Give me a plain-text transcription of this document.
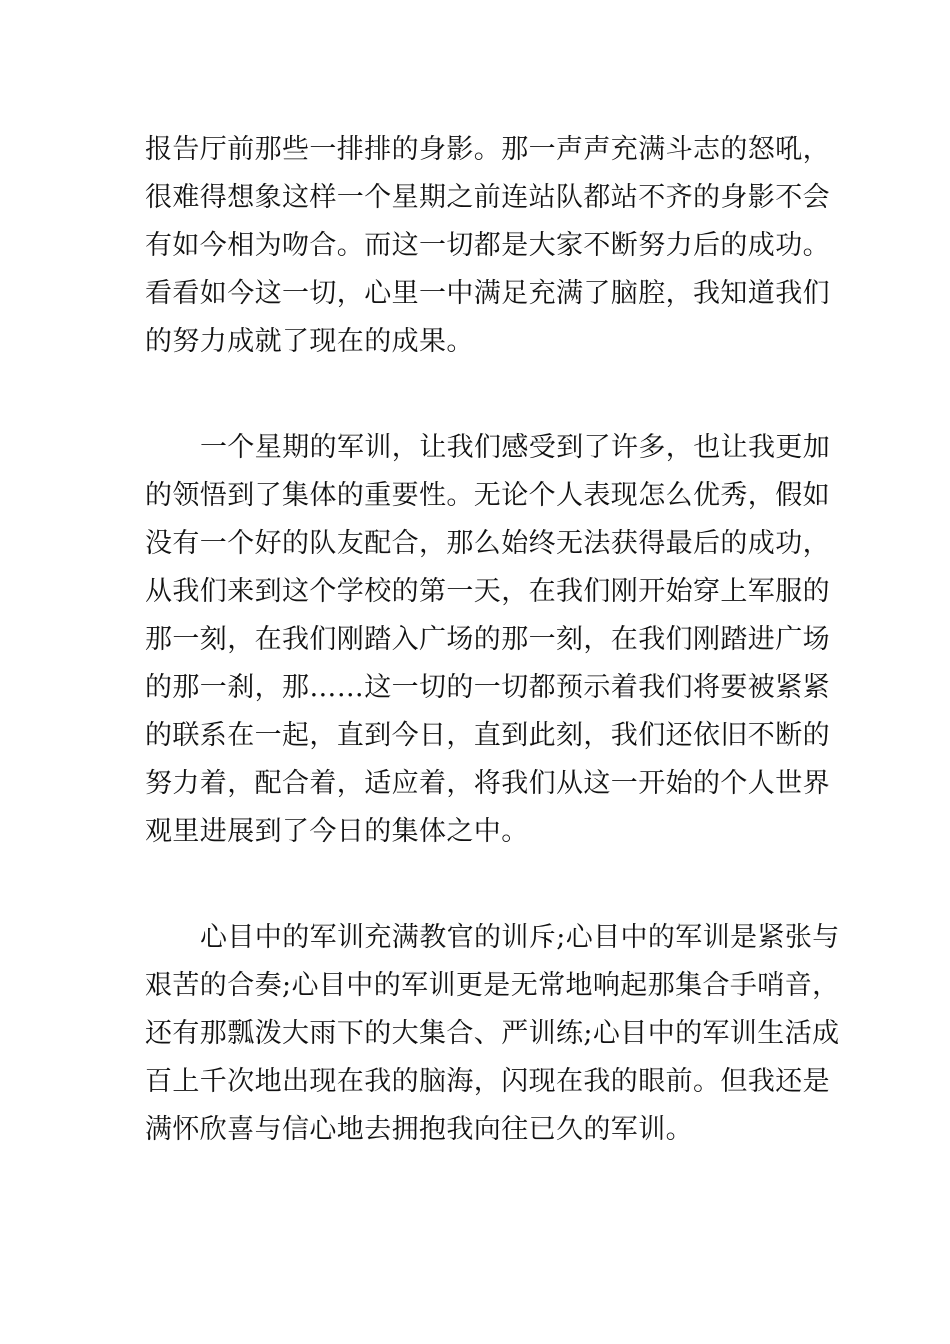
报告厅前那些一排排的身影。那一声声充满斗志的怒吼，
很难得想象这样一个星期之前连站队都站不齐的身影不会
有如今相为吻合。而这一切都是大家不断努力后的成功。
看看如今这一切，心里一中满足充满了脑腔，我知道我们
的努力成就了现在的成果。
一个星期的军训，让我们感受到了许多，也让我更加
的领悟到了集体的重要性。无论个人表现怎么优秀，假如
没有一个好的队友配合，那么始终无法获得最后的成功，
从我们来到这个学校的第一天，在我们刚开始穿上军服的
那一刻，在我们刚踏入广场的那一刻，在我们刚踏进广场
的那一刹，那……这一切的一切都预示着我们将要被紧紧
的联系在一起，直到今日，直到此刻，我们还依旧不断的
努力着，配合着，适应着，将我们从这一开始的个人世界
观里进展到了今日的集体之中。
心目中的军训充满教官的训斥;心目中的军训是紧张与
艰苦的合奏;心目中的军训更是无常地响起那集合手哨音，
还有那瓢泼大雨下的大集合、严训练;心目中的军训生活成
百上千次地出现在我的脑海，闪现在我的眼前。但我还是
满怀欣喜与信心地去拥抱我向往已久的军训。
